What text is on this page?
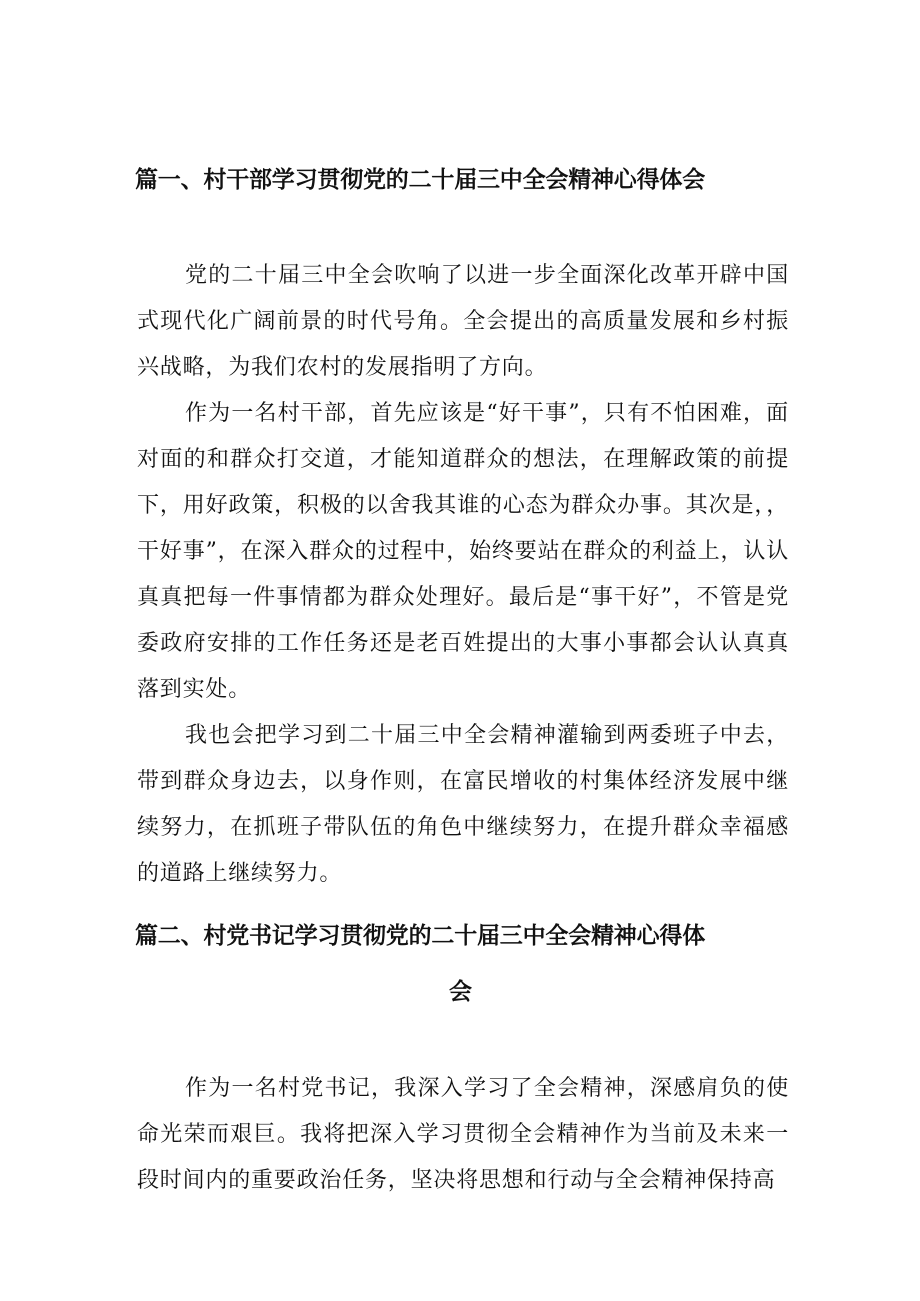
篇一、村干部学习贯彻党的二十届三中全会精神心得体会

党的二十届三中全会吹响了以进一步全面深化改革开辟中国式现代化广阔前景的时代号角。全会提出的高质量发展和乡村振兴战略，为我们农村的发展指明了方向。

作为一名村干部，首先应该是“好干事”，只有不怕困难，面对面的和群众打交道，才能知道群众的想法，在理解政策的前提下，用好政策，积极的以舍我其谁的心态为群众办事。其次是，，干好事”，在深入群众的过程中，始终要站在群众的利益上，认认真真把每一件事情都为群众处理好。最后是“事干好”，不管是党委政府安排的工作任务还是老百姓提出的大事小事都会认认真真落到实处。

我也会把学习到二十届三中全会精神灌输到两委班子中去，带到群众身边去，以身作则，在富民增收的村集体经济发展中继续努力，在抓班子带队伍的角色中继续努力，在提升群众幸福感的道路上继续努力。

篇二、村党书记学习贯彻党的二十届三中全会精神心得体
会

作为一名村党书记，我深入学习了全会精神，深感肩负的使命光荣而艰巨。我将把深入学习贯彻全会精神作为当前及未来一段时间内的重要政治任务，坚决将思想和行动与全会精神保持高
